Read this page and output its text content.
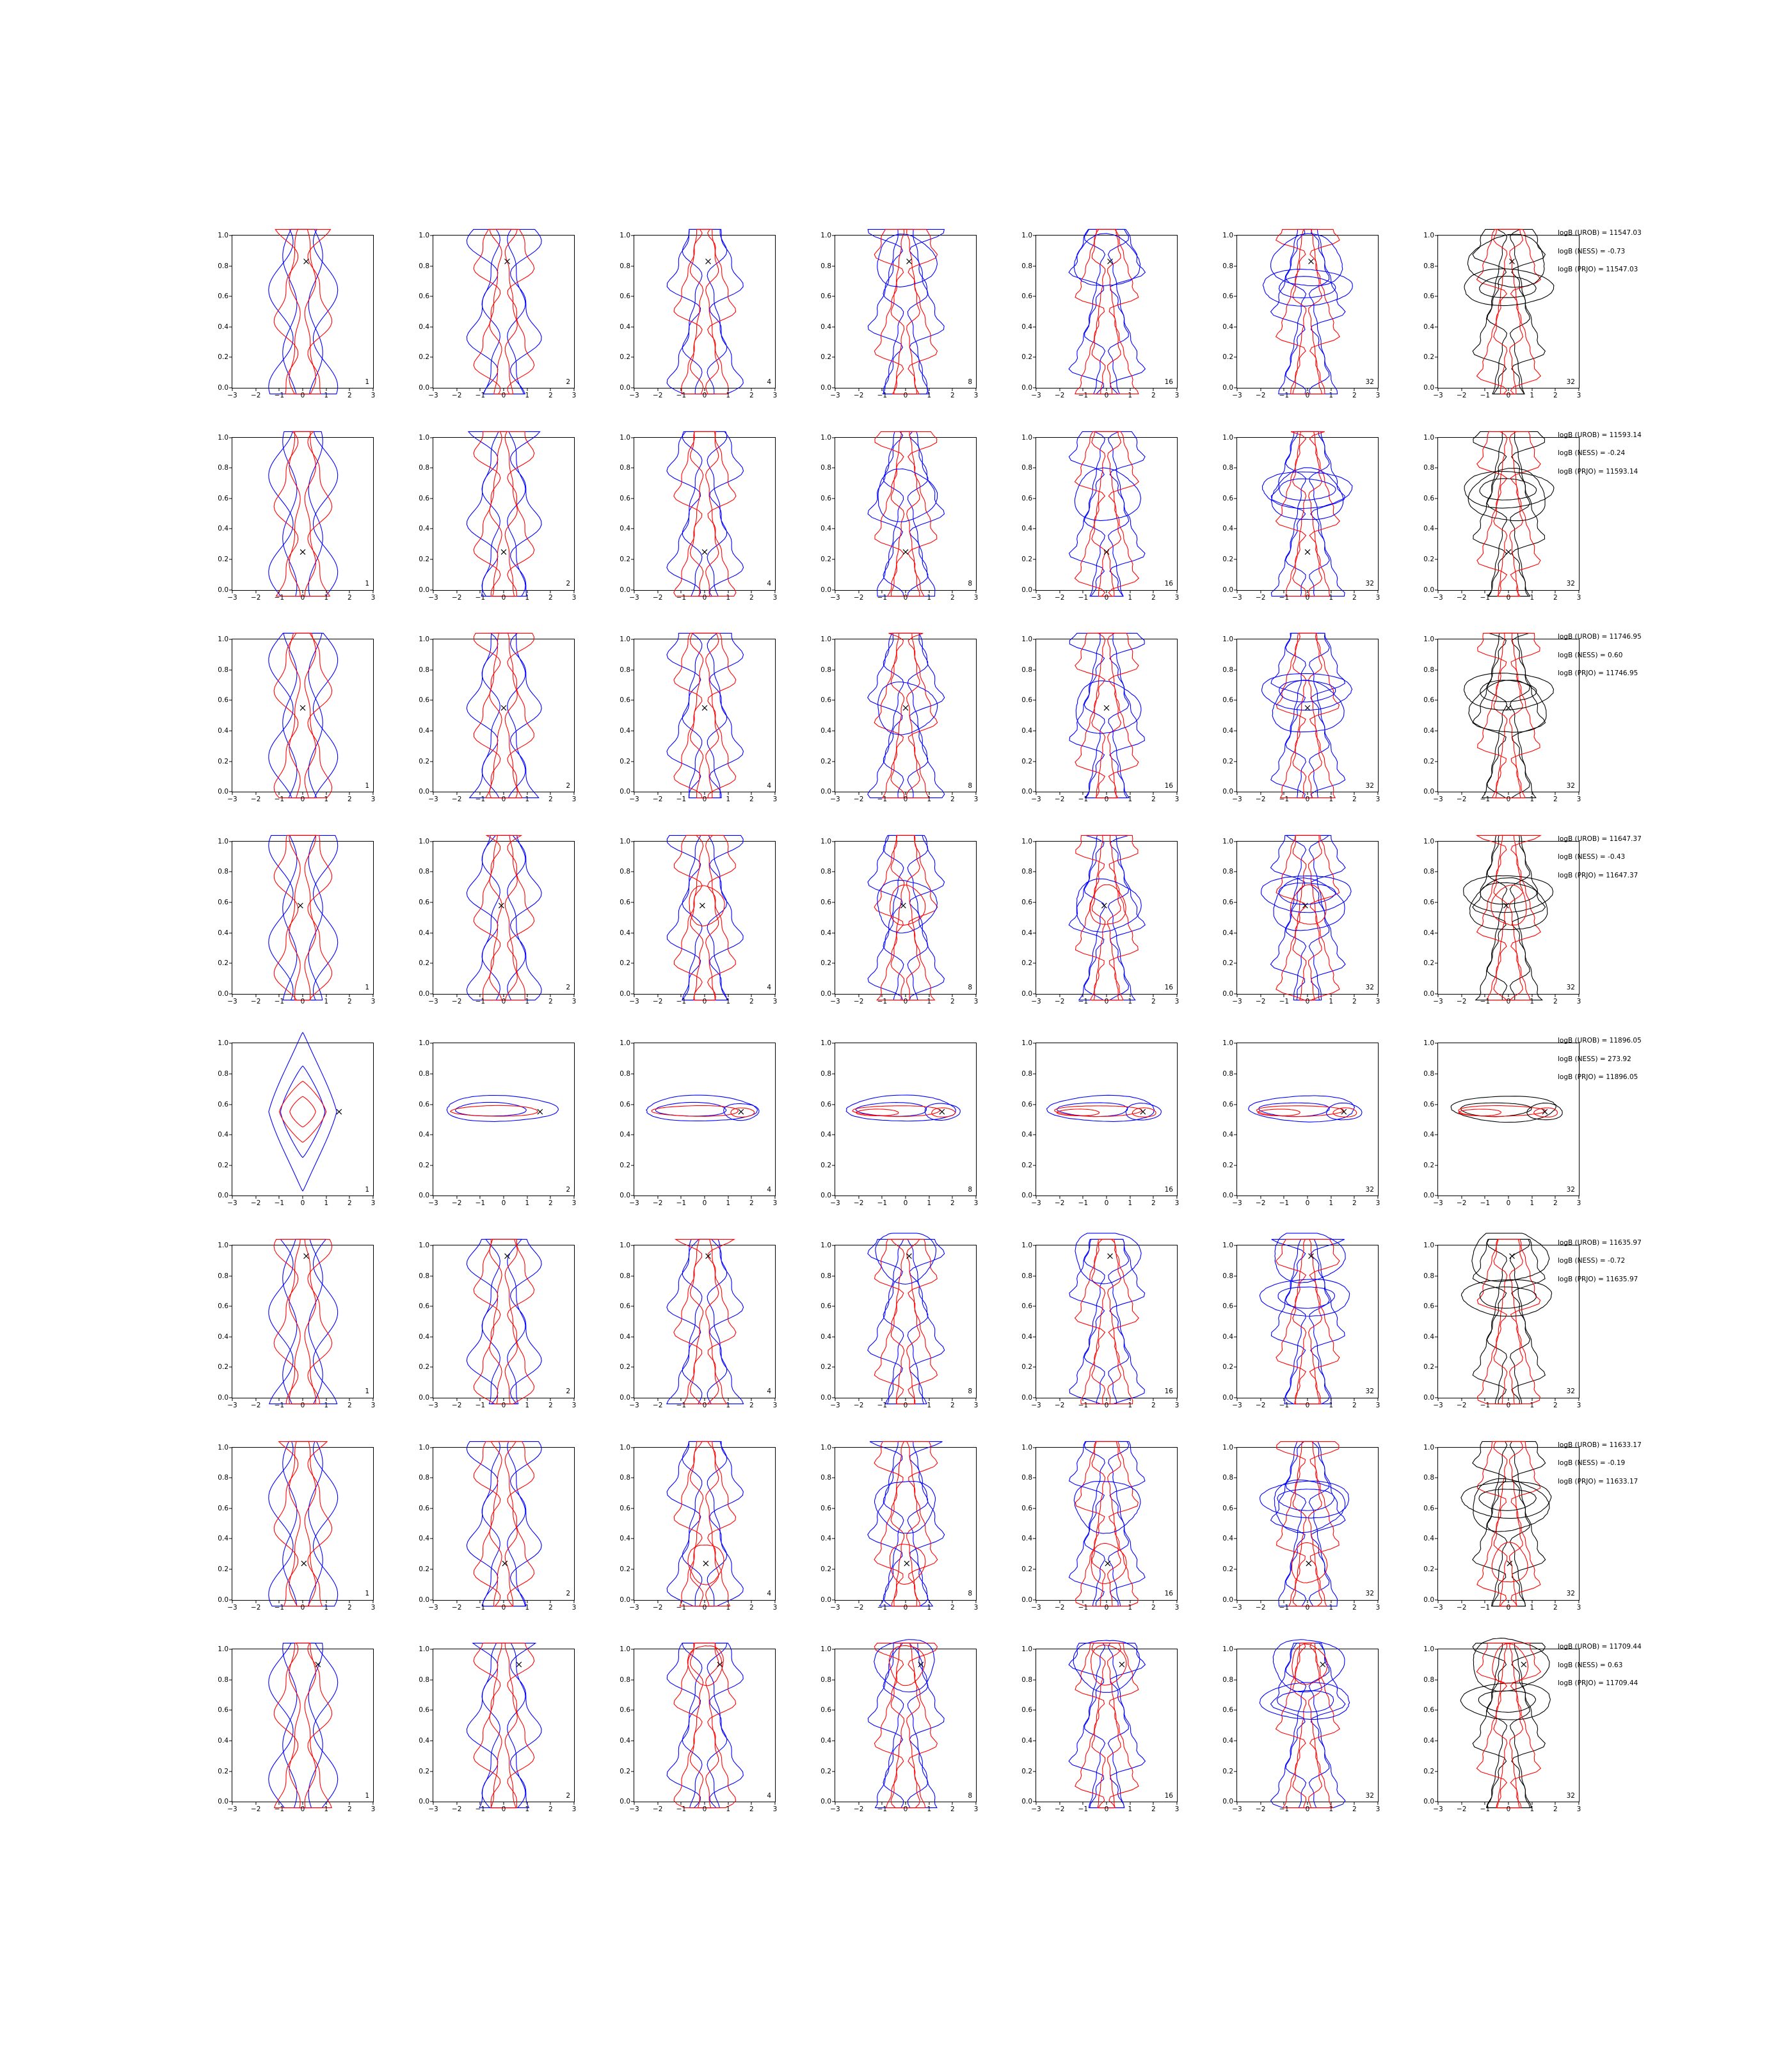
0.0
0.2
0.4
0.6
0.8
1.0
−3 −2 −1 0	1	2	3
1
0.0
0.2
0.4
0.6
0.8
1.0
−3 −2 −1 0	1	2	3
2
0.0
0.2
0.4
0.6
0.8
1.0
−3 −2 −1 0	1	2	3
4
0.0
0.2
0.4
0.6
0.8
1.0
−3 −2 −1 0	1	2	3
8
0.0
0.2
0.4
0.6
0.8
1.0
−3 −2 −1 0	1	2	3
16
0.0
0.2
0.4
0.6
0.8
1.0
−3 −2 −1 0	1	2	3
32
0.0
0.2
0.4
0.6
0.8
1.0
−3 −2 −1 0	1	2	3
32
logB (UROB) = 11547.03
logB (NESS) = -0.73
logB (PRJO) = 11547.03
0.0
0.2
0.4
0.6
0.8
1.0
−3 −2 −1 0	1	2	3
1
0.0
0.2
0.4
0.6
0.8
1.0
−3 −2 −1 0	1	2	3
2
0.0
0.2
0.4
0.6
0.8
1.0
−3 −2 −1 0	1	2	3
4
0.0
0.2
0.4
0.6
0.8
1.0
−3 −2 −1 0	1	2	3
8
0.0
0.2
0.4
0.6
0.8
1.0
−3 −2 −1 0	1	2	3
16
0.0
0.2
0.4
0.6
0.8
1.0
−3 −2 −1 0	1	2	3
32
0.0
0.2
0.4
0.6
0.8
1.0
−3 −2 −1 0	1	2	3
32
logB (UROB) = 11593.14
logB (NESS) = -0.24
logB (PRJO) = 11593.14
0.0
0.2
0.4
0.6
0.8
1.0
−3 −2 −1 0	1	2	3
1
0.0
0.2
0.4
0.6
0.8
1.0
−3 −2 −1 0	1	2	3
2
0.0
0.2
0.4
0.6
0.8
1.0
−3 −2 −1 0	1	2	3
4
0.0
0.2
0.4
0.6
0.8
1.0
−3 −2 −1 0	1	2	3
8
0.0
0.2
0.4
0.6
0.8
1.0
−3 −2 −1 0	1	2	3
16
0.0
0.2
0.4
0.6
0.8
1.0
−3 −2 −1 0	1	2	3
32
0.0
0.2
0.4
0.6
0.8
1.0
−3 −2 −1 0	1	2	3
32
logB (UROB) = 11746.95
logB (NESS) = 0.60
logB (PRJO) = 11746.95
0.0
0.2
0.4
0.6
0.8
1.0
−3 −2 −1 0	1	2	3
1
0.0
0.2
0.4
0.6
0.8
1.0
−3 −2 −1 0	1	2	3
2
0.0
0.2
0.4
0.6
0.8
1.0
−3 −2 −1 0	1	2	3
4
0.0
0.2
0.4
0.6
0.8
1.0
−3 −2 −1 0	1	2	3
8
0.0
0.2
0.4
0.6
0.8
1.0
−3 −2 −1 0	1	2	3
16
0.0
0.2
0.4
0.6
0.8
1.0
−3 −2 −1 0	1	2	3
32
0.0
0.2
0.4
0.6
0.8
1.0
−3 −2 −1 0	1	2	3
32
logB (UROB) = 11647.37
logB (NESS) = -0.43
logB (PRJO) = 11647.37
0.0
0.2
0.4
0.6
0.8
1.0
−3 −2 −1 0	1	2	3
1
0.0
0.2
0.4
0.6
0.8
1.0
−3 −2 −1 0	1	2	3
2
0.0
0.2
0.4
0.6
0.8
1.0
−3 −2 −1 0	1	2	3
4
0.0
0.2
0.4
0.6
0.8
1.0
−3 −2 −1 0	1	2	3
8
0.0
0.2
0.4
0.6
0.8
1.0
−3 −2 −1 0	1	2	3
16
0.0
0.2
0.4
0.6
0.8
1.0
−3 −2 −1 0	1	2	3
32
0.0
0.2
0.4
0.6
0.8
1.0
−3 −2 −1 0	1	2	3
32
logB (UROB) = 11896.05
logB (NESS) = 273.92
logB (PRJO) = 11896.05
0.0
0.2
0.4
0.6
0.8
1.0
−3 −2 −1 0	1	2	3
1
0.0
0.2
0.4
0.6
0.8
1.0
−3 −2 −1 0	1	2	3
2
0.0
0.2
0.4
0.6
0.8
1.0
−3 −2 −1 0	1	2	3
4
0.0
0.2
0.4
0.6
0.8
1.0
−3 −2 −1 0	1	2	3
8
0.0
0.2
0.4
0.6
0.8
1.0
−3 −2 −1 0	1	2	3
16
0.0
0.2
0.4
0.6
0.8
1.0
−3 −2 −1 0	1	2	3
32
0.0
0.2
0.4
0.6
0.8
1.0
−3 −2 −1 0	1	2	3
32
logB (UROB) = 11635.97
logB (NESS) = -0.72
logB (PRJO) = 11635.97
0.0
0.2
0.4
0.6
0.8
1.0
−3 −2 −1 0	1	2	3
1
0.0
0.2
0.4
0.6
0.8
1.0
−3 −2 −1 0	1	2	3
2
0.0
0.2
0.4
0.6
0.8
1.0
−3 −2 −1 0	1	2	3
4
0.0
0.2
0.4
0.6
0.8
1.0
−3 −2 −1 0	1	2	3
8
0.0
0.2
0.4
0.6
0.8
1.0
−3 −2 −1 0	1	2	3
16
0.0
0.2
0.4
0.6
0.8
1.0
−3 −2 −1 0	1	2	3
32
0.0
0.2
0.4
0.6
0.8
1.0
−3 −2 −1 0	1	2	3
32
logB (UROB) = 11633.17
logB (NESS) = -0.19
logB (PRJO) = 11633.17
0.0
0.2
0.4
0.6
0.8
1.0
−3 −2 −1 0	1	2	3
1
0.0
0.2
0.4
0.6
0.8
1.0
−3 −2 −1 0	1	2	3
2
0.0
0.2
0.4
0.6
0.8
1.0
−3 −2 −1 0	1	2	3
4
0.0
0.2
0.4
0.6
0.8
1.0
−3 −2 −1 0	1	2	3
8
0.0
0.2
0.4
0.6
0.8
1.0
−3 −2 −1 0	1	2	3
16
0.0
0.2
0.4
0.6
0.8
1.0
−3 −2 −1 0	1	2	3
32
0.0
0.2
0.4
0.6
0.8
1.0
−3 −2 −1 0	1	2	3
32
logB (UROB) = 11709.44
logB (NESS) = 0.63
logB (PRJO) = 11709.44
